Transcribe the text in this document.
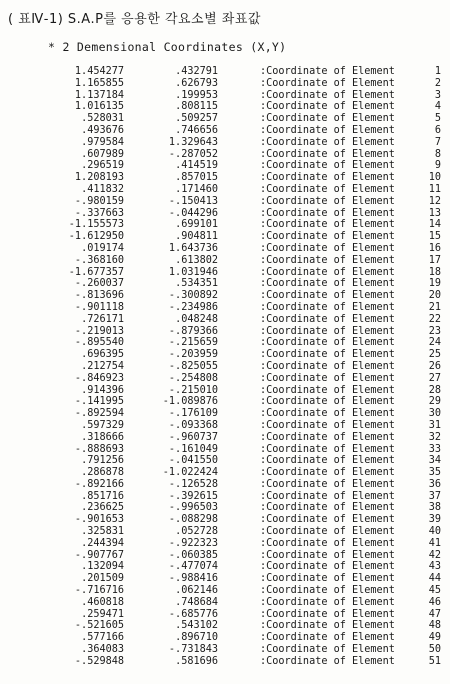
( 표Ⅳ-1) S.A.P를 응용한 각요소별 좌표값
* 2 Demensional Coordinates (X,Y)
1.454277	.432791	:Coordinate of Element	1
1.165855	.626793	:Coordinate of Element	2
1.137184	.199953	:Coordinate of Element	3
1.016135	.808115	:Coordinate of Element	4
.528031	.509257	:Coordinate of Element	5
.493676	.746656	:Coordinate of Element	6
.979584	1.329643	:Coordinate of Element	7
.607989	-.287052	:Coordinate of Element	8
.296519	.414519	:Coordinate of Element	9
1.208193	.857015	:Coordinate of Element	10
.411832	.171460	:Coordinate of Element	11
-.980159	-.150413	:Coordinate of Element	12
-.337663	-.044296	:Coordinate of Element	13
-1.155573	.699101	:Coordinate of Element	14
-1.612950	.904811	:Coordinate of Element	15
.019174	1.643736	:Coordinate of Element	16
-.368160	.613802	:Coordinate of Element	17
-1.677357	1.031946	:Coordinate of Element	18
-.260037	.534351	:Coordinate of Element	19
-.813696	-.300892	:Coordinate of Element	20
-.901118	-.234986	:Coordinate of Element	21
.726171	.048248	:Coordinate of Element	22
-.219013	-.879366	:Coordinate of Element	23
-.895540	-.215659	:Coordinate of Element	24
.696395	-.203959	:Coordinate of Element	25
.212754	-.825055	:Coordinate of Element	26
-.846923	-.254808	:Coordinate of Element	27
.914396	-.215010	:Coordinate of Element	28
-.141995	-1.089876	:Coordinate of Element	29
-.892594	-.176109	:Coordinate of Element	30
.597329	-.093368	:Coordinate of Element	31
.318666	-.960737	:Coordinate of Element	32
-.888693	-.161049	:Coordinate of Element	33
.791256	-.041550	:Coordinate of Element	34
.286878	-1.022424	:Coordinate of Element	35
-.892166	-.126528	:Coordinate of Element	36
.851716	-.392615	:Coordinate of Element	37
.236625	-.996503	:Coordinate of Element	38
-.901653	-.088298	:Coordinate of Element	39
.325831	.052728	:Coordinate of Element	40
.244394	-.922323	:Coordinate of Element	41
-.907767	-.060385	:Coordinate of Element	42
.132094	-.477074	:Coordinate of Element	43
.201509	-.988416	:Coordinate of Element	44
-.716716	.062146	:Coordinate of Element	45
.460818	.748684	:Coordinate of Element	46
.259471	-.685776	:Coordinate of Element	47
-.521605	.543102	:Coordinate of Element	48
.577166	.896710	:Coordinate of Element	49
.364083	-.731843	:Coordinate of Element	50
-.529848	.581696	:Coordinate of Element	51
